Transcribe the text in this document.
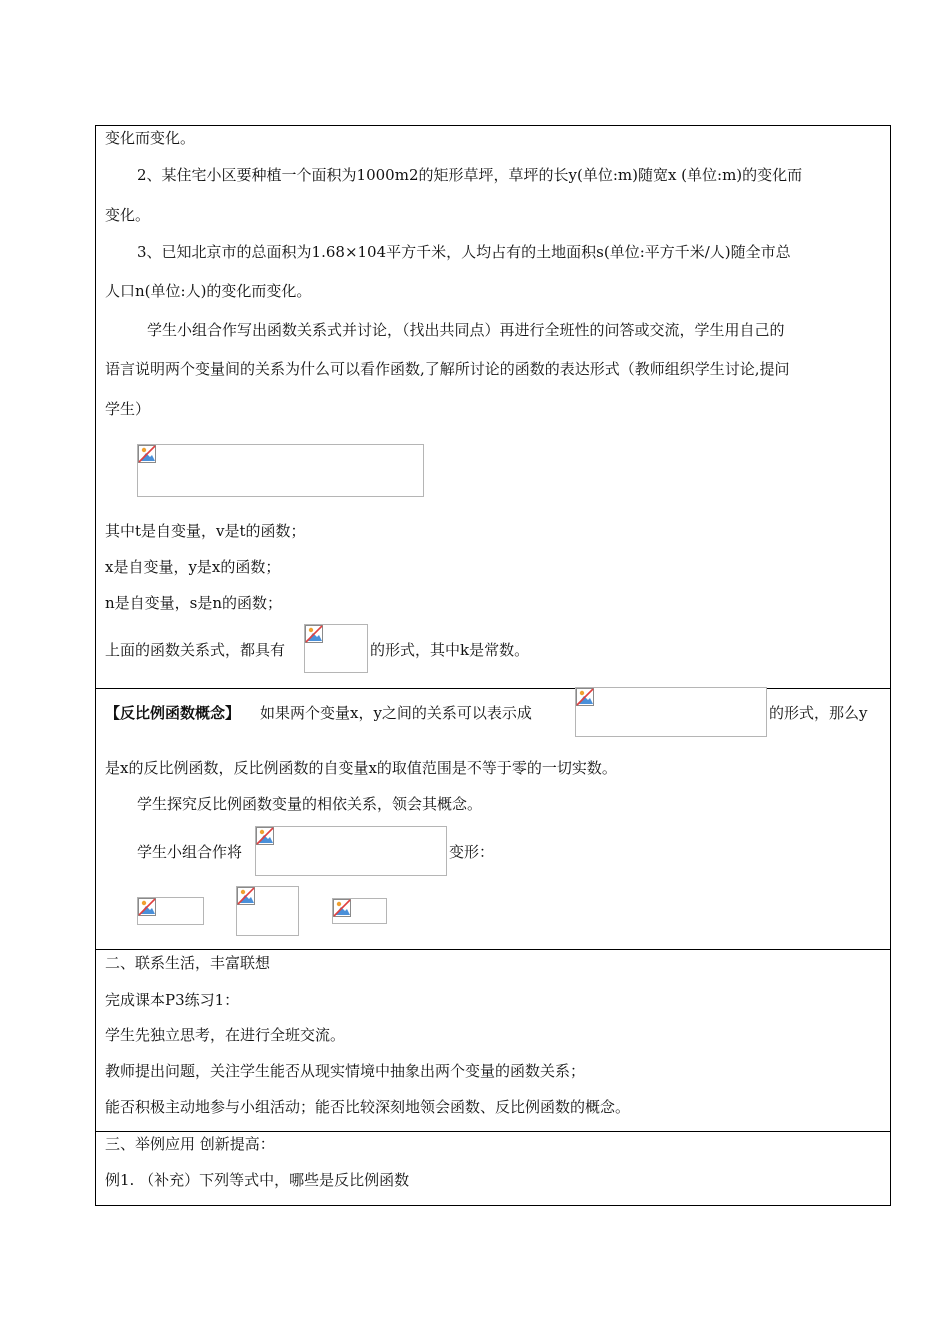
变化而变化。
2、某住宅小区要种植一个面积为1000m2的矩形草坪，草坪的长y(单位:m)随宽x (单位:m)的变化而
变化。
3、已知北京市的总面积为1.68×104平方千米，人均占有的土地面积s(单位:平方千米/人)随全市总
人口n(单位:人)的变化而变化。
学生小组合作写出函数关系式并讨论，（找出共同点）再进行全班性的问答或交流，学生用自己的
语言说明两个变量间的关系为什么可以看作函数,了解所讨论的函数的表达形式（教师组织学生讨论,提问
学生）
其中t是自变量，v是t的函数；
x是自变量，y是x的函数；
n是自变量，s是n的函数；
上面的函数关系式，都具有	的形式，其中k是常数。
【反比例函数概念】 如果两个变量x，y之间的关系可以表示成	的形式，那么y
是x的反比例函数，反比例函数的自变量x的取值范围是不等于零的一切实数。
学生探究反比例函数变量的相依关系，领会其概念。
学生小组合作将	变形：
二、联系生活，丰富联想
完成课本P3练习1：
学生先独立思考，在进行全班交流。
教师提出问题，关注学生能否从现实情境中抽象出两个变量的函数关系；
能否积极主动地参与小组活动；能否比较深刻地领会函数、反比例函数的概念。
三、举例应用 创新提高：
例1. （补充）下列等式中，哪些是反比例函数
